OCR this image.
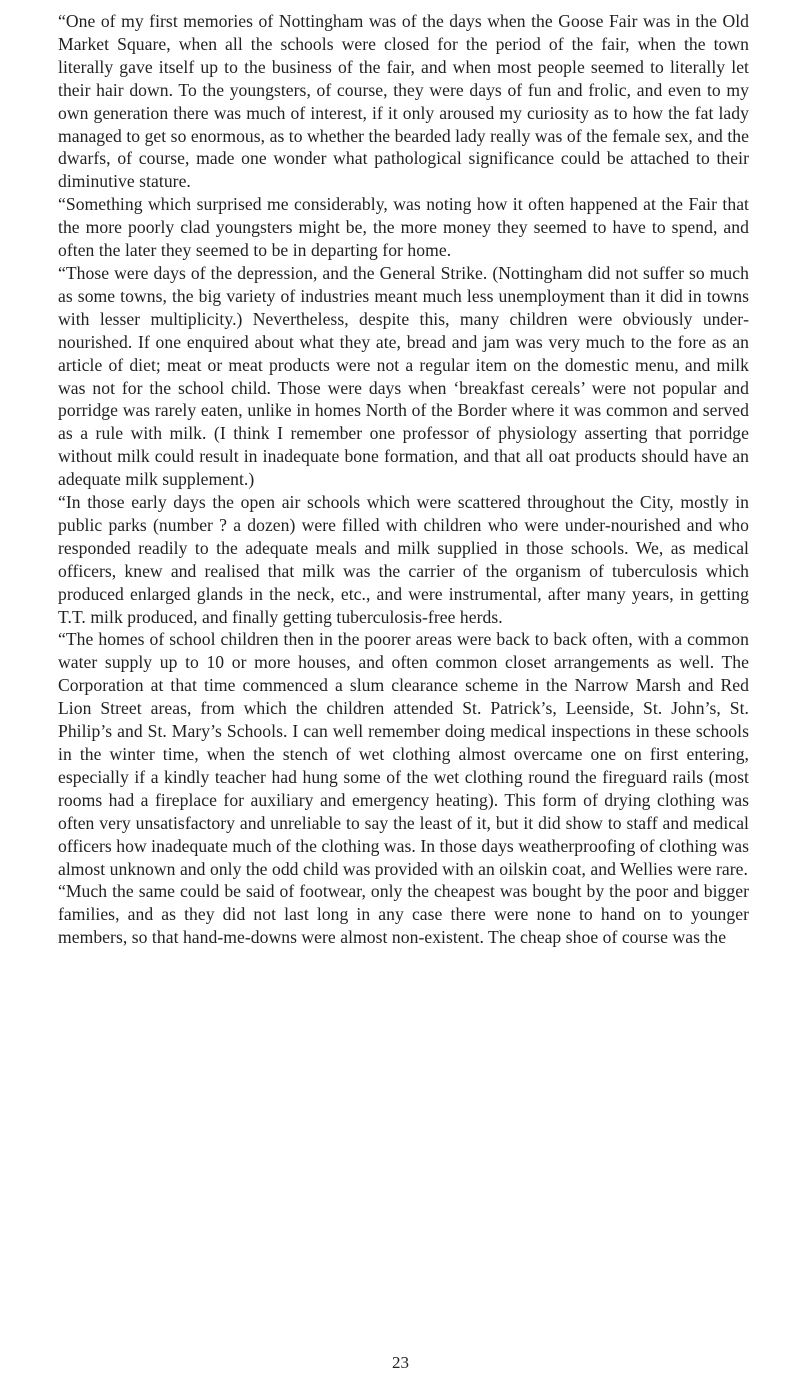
“One of my first memories of Nottingham was of the days when the Goose Fair was in the Old Market Square, when all the schools were closed for the period of the fair, when the town literally gave itself up to the business of the fair, and when most people seemed to literally let their hair down. To the youngsters, of course, they were days of fun and frolic, and even to my own generation there was much of interest, if it only aroused my curiosity as to how the fat lady managed to get so enormous, as to whether the bearded lady really was of the female sex, and the dwarfs, of course, made one wonder what pathological significance could be attached to their diminutive stature.

“Something which surprised me considerably, was noting how it often happened at the Fair that the more poorly clad youngsters might be, the more money they seemed to have to spend, and often the later they seemed to be in departing for home.

“Those were days of the depression, and the General Strike. (Nottingham did not suffer so much as some towns, the big variety of industries meant much less unemployment than it did in towns with lesser multiplicity.) Nevertheless, despite this, many children were obviously undernourished. If one enquired about what they ate, bread and jam was very much to the fore as an article of diet; meat or meat products were not a regular item on the domestic menu, and milk was not for the school child. Those were days when ‘breakfast cereals’ were not popular and porridge was rarely eaten, unlike in homes North of the Border where it was common and served as a rule with milk. (I think I remember one professor of physiology asserting that porridge without milk could result in inadequate bone formation, and that all oat products should have an adequate milk supplement.)

“In those early days the open air schools which were scattered throughout the City, mostly in public parks (number ? a dozen) were filled with children who were under-nourished and who responded readily to the adequate meals and milk supplied in those schools. We, as medical officers, knew and realised that milk was the carrier of the organism of tuberculosis which produced enlarged glands in the neck, etc., and were instrumental, after many years, in getting T.T. milk produced, and finally getting tuberculosis-free herds.

“The homes of school children then in the poorer areas were back to back often, with a common water supply up to 10 or more houses, and often common closet arrangements as well. The Corporation at that time commenced a slum clearance scheme in the Narrow Marsh and Red Lion Street areas, from which the children attended St. Patrick’s, Leenside, St. John’s, St. Philip’s and St. Mary’s Schools. I can well remember doing medical inspections in these schools in the winter time, when the stench of wet clothing almost overcame one on first entering, especially if a kindly teacher had hung some of the wet clothing round the fireguard rails (most rooms had a fireplace for auxiliary and emergency heating). This form of drying clothing was often very unsatisfactory and unreliable to say the least of it, but it did show to staff and medical officers how inadequate much of the clothing was. In those days weatherproofing of clothing was almost unknown and only the odd child was provided with an oilskin coat, and Wellies were rare.

“Much the same could be said of footwear, only the cheapest was bought by the poor and bigger families, and as they did not last long in any case there were none to hand on to younger members, so that hand-me-downs were almost non-existent. The cheap shoe of course was the

23
